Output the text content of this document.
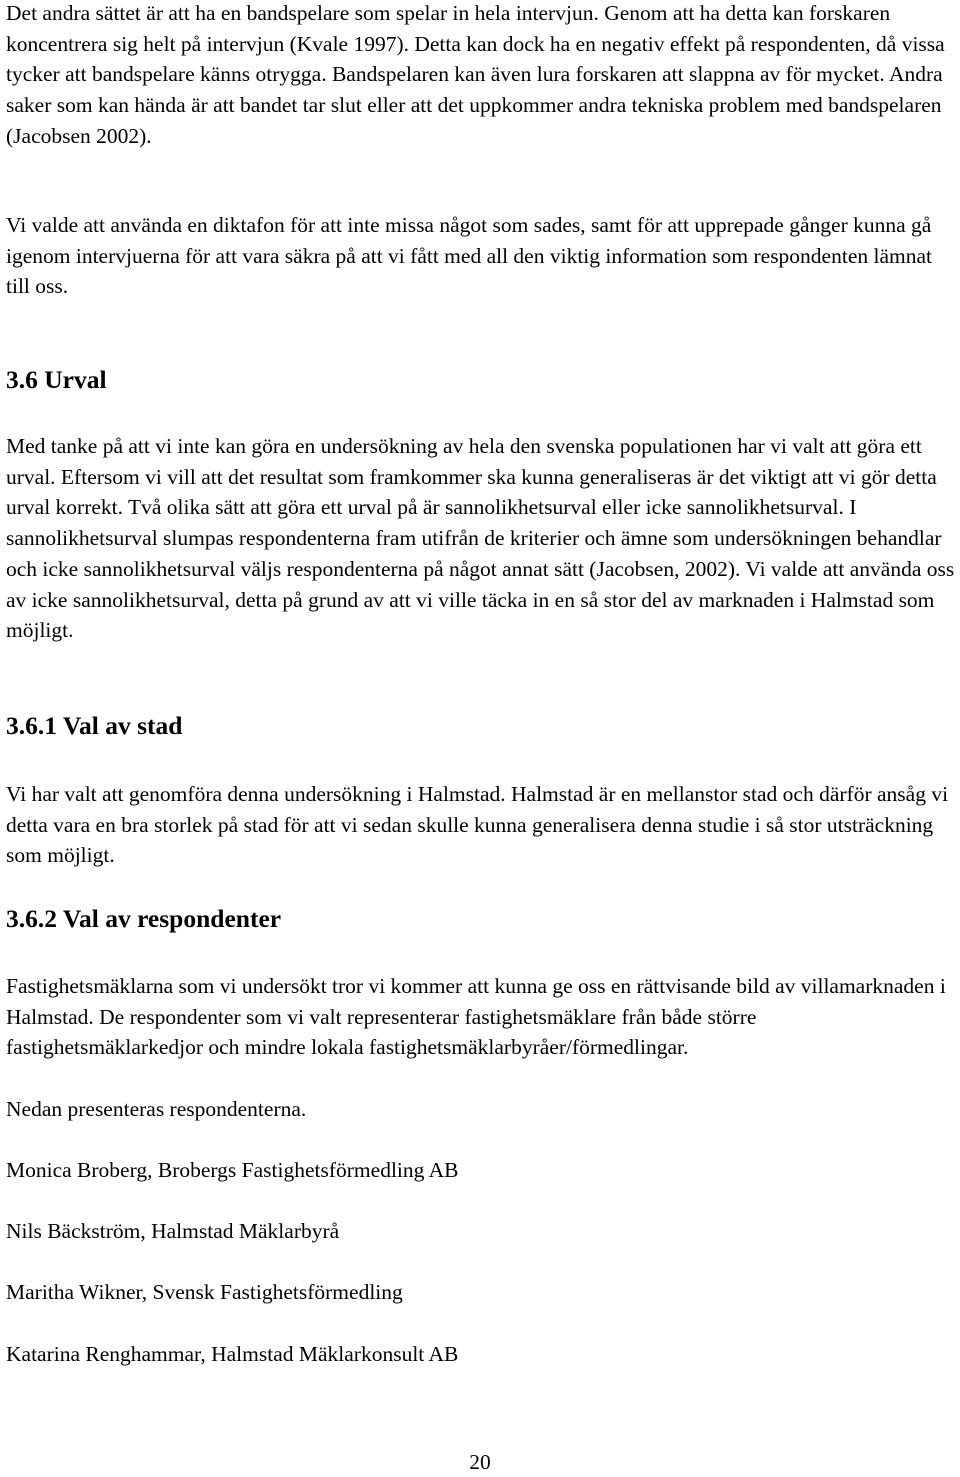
Det andra sättet är att ha en bandspelare som spelar in hela intervjun. Genom att ha detta kan forskaren koncentrera sig helt på intervjun (Kvale 1997). Detta kan dock ha en negativ effekt på respondenten, då vissa tycker att bandspelare känns otrygga. Bandspelaren kan även lura forskaren att slappna av för mycket. Andra saker som kan hända är att bandet tar slut eller att det uppkommer andra tekniska problem med bandspelaren (Jacobsen 2002).

Vi valde att använda en diktafon för att inte missa något som sades, samt för att upprepade gånger kunna gå igenom intervjuerna för att vara säkra på att vi fått med all den viktig information som respondenten lämnat till oss.

3.6 Urval

Med tanke på att vi inte kan göra en undersökning av hela den svenska populationen har vi valt att göra ett urval. Eftersom vi vill att det resultat som framkommer ska kunna generaliseras är det viktigt att vi gör detta urval korrekt. Två olika sätt att göra ett urval på är sannolikhetsurval eller icke sannolikhetsurval. I sannolikhetsurval slumpas respondenterna fram utifrån de kriterier och ämne som undersökningen behandlar och icke sannolikhetsurval väljs respondenterna på något annat sätt (Jacobsen, 2002). Vi valde att använda oss av icke sannolikhetsurval, detta på grund av att vi ville täcka in en så stor del av marknaden i Halmstad som möjligt.

3.6.1 Val av stad

Vi har valt att genomföra denna undersökning i Halmstad. Halmstad är en mellanstor stad och därför ansåg vi detta vara en bra storlek på stad för att vi sedan skulle kunna generalisera denna studie i så stor utsträckning som möjligt.

3.6.2 Val av respondenter

Fastighetsmäklarna som vi undersökt tror vi kommer att kunna ge oss en rättvisande bild av villamarknaden i Halmstad. De respondenter som vi valt representerar fastighetsmäklare från både större fastighetsmäklarkedjor och mindre lokala fastighetsmäklarbyråer/förmedlingar.

Nedan presenteras respondenterna.

Monica Broberg, Brobergs Fastighetsförmedling AB

Nils Bäckström, Halmstad Mäklarbyrå

Maritha Wikner, Svensk Fastighetsförmedling

Katarina Renghammar, Halmstad Mäklarkonsult AB

20
